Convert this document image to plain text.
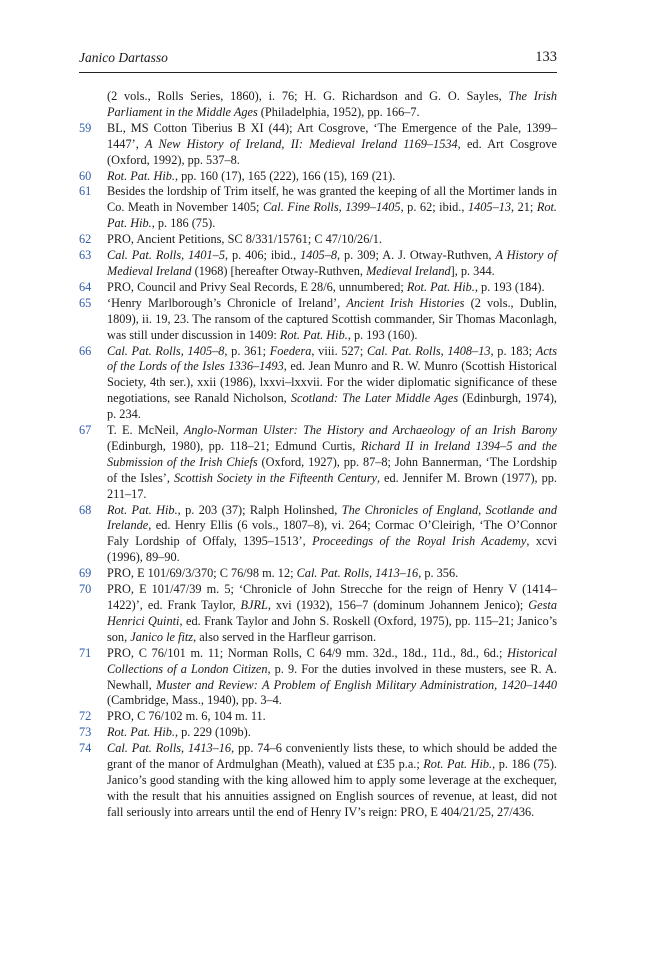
Janico Dartasso	133
(2 vols., Rolls Series, 1860), i. 76; H. G. Richardson and G. O. Sayles, The Irish Parliament in the Middle Ages (Philadelphia, 1952), pp. 166–7.
59 BL, MS Cotton Tiberius B XI (44); Art Cosgrove, ‘The Emergence of the Pale, 1399–1447’, A New History of Ireland, II: Medieval Ireland 1169–1534, ed. Art Cosgrove (Oxford, 1992), pp. 537–8.
60 Rot. Pat. Hib., pp. 160 (17), 165 (222), 166 (15), 169 (21).
61 Besides the lordship of Trim itself, he was granted the keeping of all the Mortimer lands in Co. Meath in November 1405; Cal. Fine Rolls, 1399–1405, p. 62; ibid., 1405–13, 21; Rot. Pat. Hib., p. 186 (75).
62 PRO, Ancient Petitions, SC 8/331/15761; C 47/10/26/1.
63 Cal. Pat. Rolls, 1401–5, p. 406; ibid., 1405–8, p. 309; A. J. Otway-Ruthven, A History of Medieval Ireland (1968) [hereafter Otway-Ruthven, Medieval Ireland], p. 344.
64 PRO, Council and Privy Seal Records, E 28/6, unnumbered; Rot. Pat. Hib., p. 193 (184).
65 ‘Henry Marlborough’s Chronicle of Ireland’, Ancient Irish Histories (2 vols., Dublin, 1809), ii. 19, 23. The ransom of the captured Scottish commander, Sir Thomas Maconlagh, was still under discussion in 1409: Rot. Pat. Hib., p. 193 (160).
66 Cal. Pat. Rolls, 1405–8, p. 361; Foedera, viii. 527; Cal. Pat. Rolls, 1408–13, p. 183; Acts of the Lords of the Isles 1336–1493, ed. Jean Munro and R. W. Munro (Scottish Historical Society, 4th ser.), xxii (1986), lxxvi–lxxvii. For the wider diplomatic significance of these negotiations, see Ranald Nicholson, Scotland: The Later Middle Ages (Edinburgh, 1974), p. 234.
67 T. E. McNeil, Anglo-Norman Ulster: The History and Archaeology of an Irish Barony (Edinburgh, 1980), pp. 118–21; Edmund Curtis, Richard II in Ireland 1394–5 and the Submission of the Irish Chiefs (Oxford, 1927), pp. 87–8; John Bannerman, ‘The Lordship of the Isles’, Scottish Society in the Fifteenth Century, ed. Jennifer M. Brown (1977), pp. 211–17.
68 Rot. Pat. Hib., p. 203 (37); Ralph Holinshed, The Chronicles of England, Scotlande and Irelande, ed. Henry Ellis (6 vols., 1807–8), vi. 264; Cormac O’Cleirigh, ‘The O’Connor Faly Lordship of Offaly, 1395–1513’, Proceedings of the Royal Irish Academy, xcvi (1996), 89–90.
69 PRO, E 101/69/3/370; C 76/98 m. 12; Cal. Pat. Rolls, 1413–16, p. 356.
70 PRO, E 101/47/39 m. 5; ‘Chronicle of John Strecche for the reign of Henry V (1414–1422)’, ed. Frank Taylor, BJRL, xvi (1932), 156–7 (dominum Johannem Jenico); Gesta Henrici Quinti, ed. Frank Taylor and John S. Roskell (Oxford, 1975), pp. 115–21; Janico’s son, Janico le fitz, also served in the Harfleur garrison.
71 PRO, C 76/101 m. 11; Norman Rolls, C 64/9 mm. 32d., 18d., 11d., 8d., 6d.; Historical Collections of a London Citizen, p. 9. For the duties involved in these musters, see R. A. Newhall, Muster and Review: A Problem of English Military Administration, 1420–1440 (Cambridge, Mass., 1940), pp. 3–4.
72 PRO, C 76/102 m. 6, 104 m. 11.
73 Rot. Pat. Hib., p. 229 (109b).
74 Cal. Pat. Rolls, 1413–16, pp. 74–6 conveniently lists these, to which should be added the grant of the manor of Ardmulghan (Meath), valued at £35 p.a.; Rot. Pat. Hib., p. 186 (75). Janico’s good standing with the king allowed him to apply some leverage at the exchequer, with the result that his annuities assigned on English sources of revenue, at least, did not fall seriously into arrears until the end of Henry IV’s reign: PRO, E 404/21/25, 27/436.
